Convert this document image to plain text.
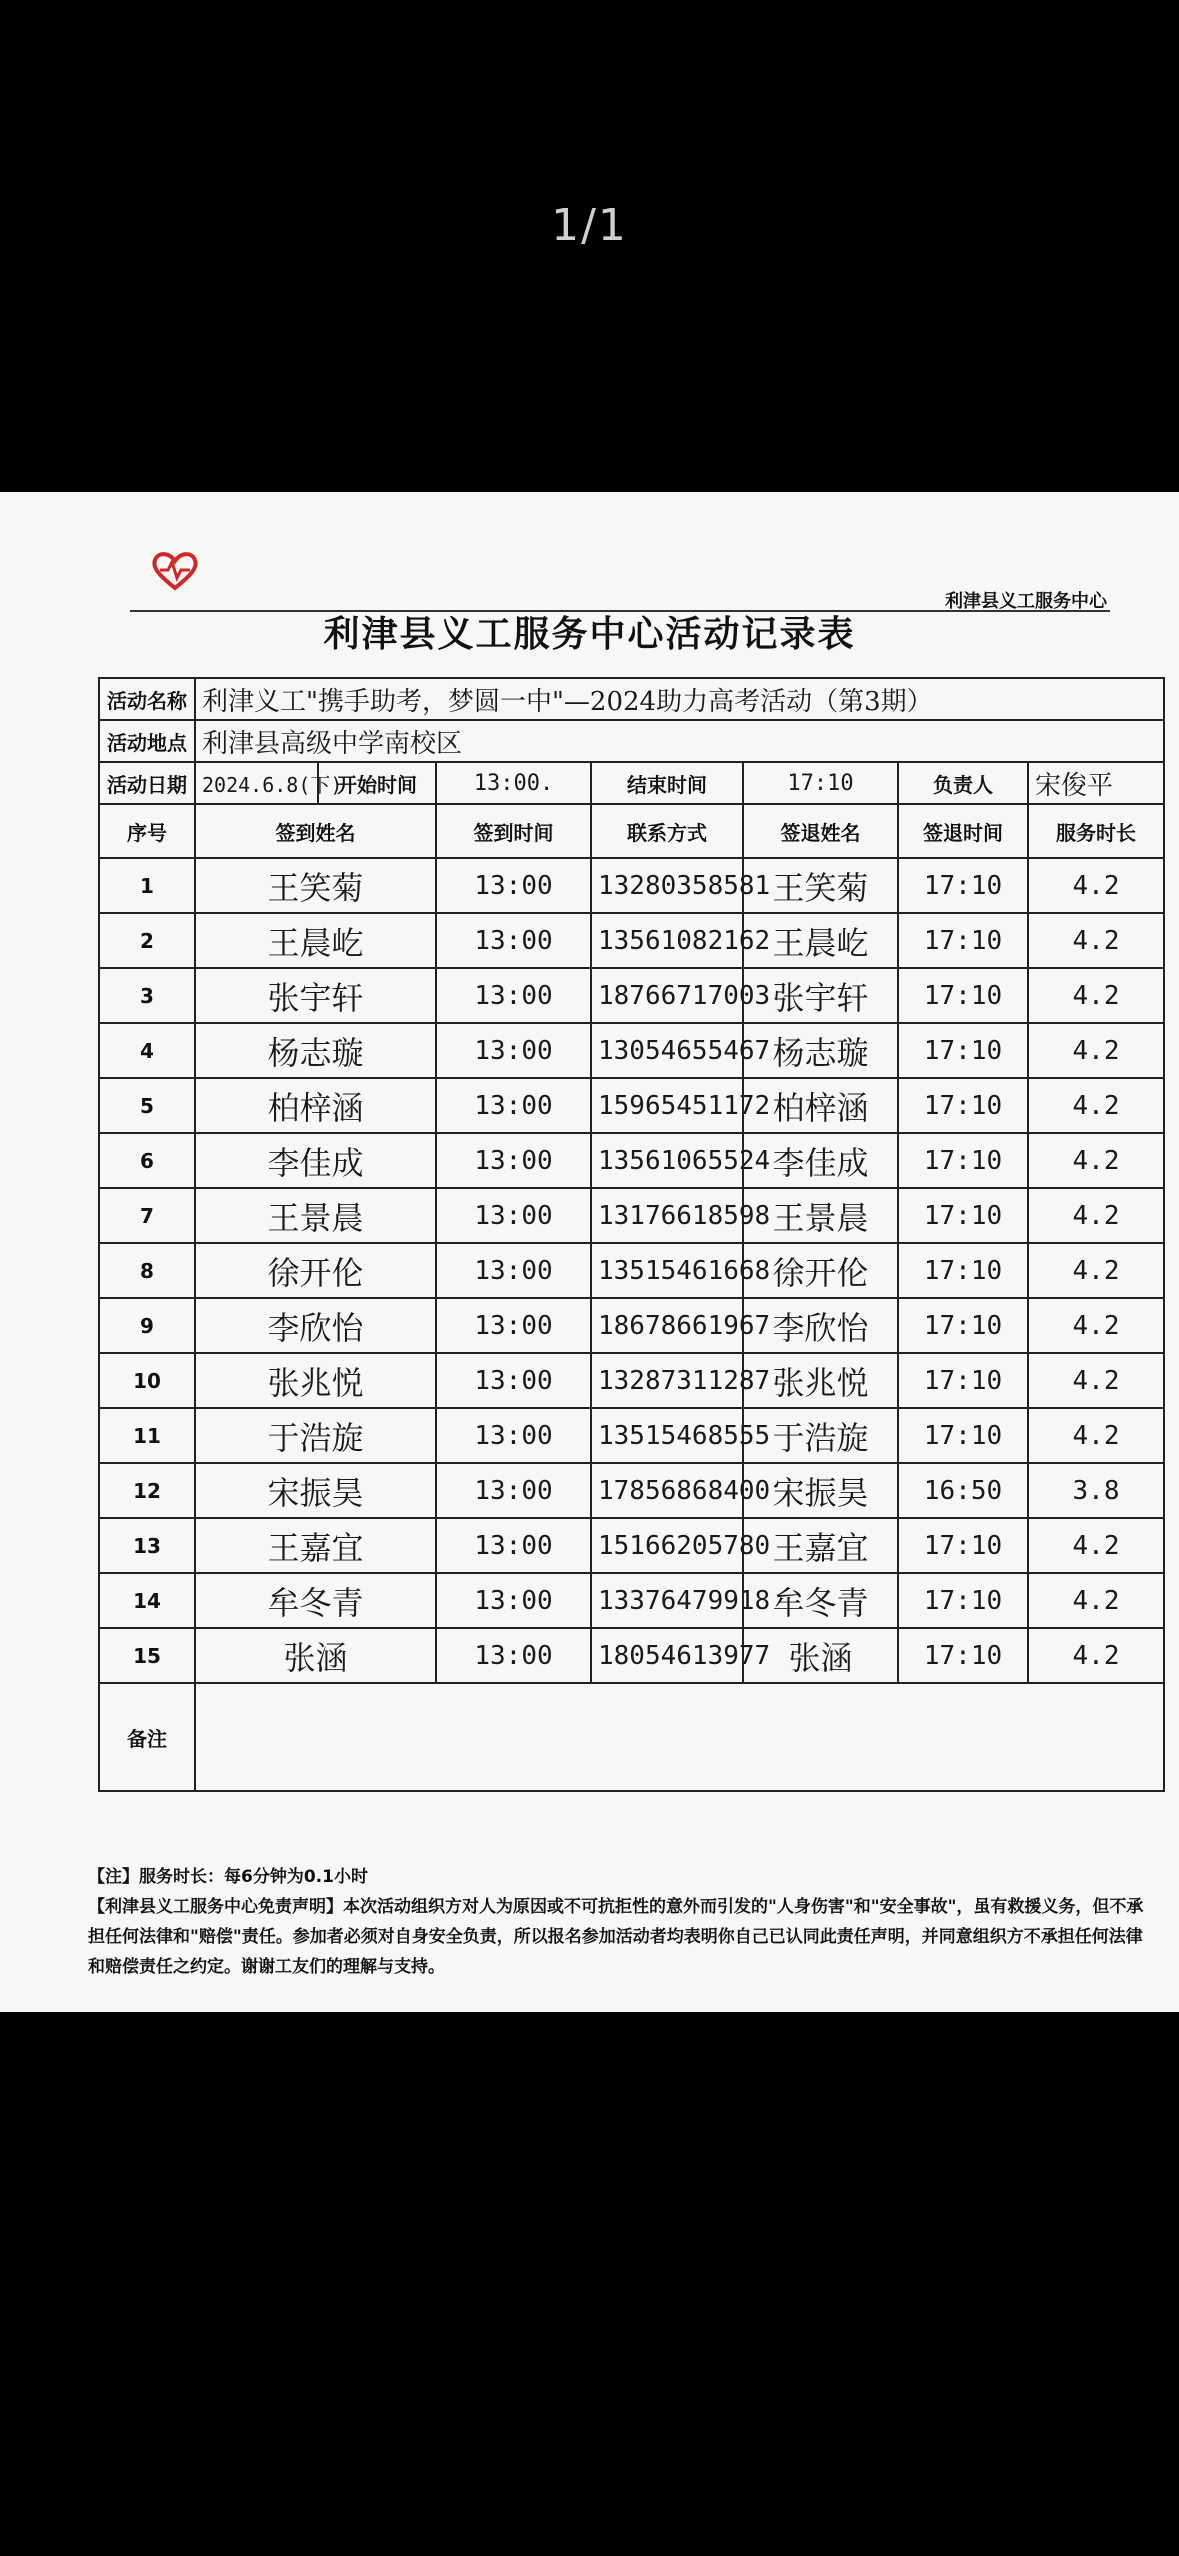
1/1
利津县义工服务中心
利津县义工服务中心活动记录表
活动名称	利津义工"携手助考，梦圆一中"—2024助力高考活动（第3期）						
活动地点	利津县高级中学南校区						
活动日期	2024.6.8(下)	开始时间	13:00.	结束时间	17:10	负责人	宋俊平
序号	签到姓名		签到时间	联系方式	签退姓名	签退时间	服务时长
1	王笑菊		13:00	13280358581	王笑菊	17:10	4.2
2	王晨屹		13:00	13561082162	王晨屹	17:10	4.2
3	张宇轩		13:00	18766717003	张宇轩	17:10	4.2
4	杨志璇		13:00	13054655467	杨志璇	17:10	4.2
5	柏梓涵		13:00	15965451172	柏梓涵	17:10	4.2
6	李佳成		13:00	13561065524	李佳成	17:10	4.2
7	王景晨		13:00	13176618598	王景晨	17:10	4.2
8	徐开伦		13:00	13515461668	徐开伦	17:10	4.2
9	李欣怡		13:00	18678661967	李欣怡	17:10	4.2
10	张兆悦		13:00	13287311287	张兆悦	17:10	4.2
11	于浩旋		13:00	13515468555	于浩旋	17:10	4.2
12	宋振昊		13:00	17856868400	宋振昊	16:50	3.8
13	王嘉宜		13:00	15166205780	王嘉宜	17:10	4.2
14	牟冬青		13:00	13376479918	牟冬青	17:10	4.2
15	张涵		13:00	18054613977	张涵	17:10	4.2
备注							

【注】服务时长：每6分钟为0.1小时

【利津县义工服务中心免责声明】本次活动组织方对人为原因或不可抗拒性的意外而引发的"人身伤害"和"安全事故"，虽有救援义务，但不承担任何法律和"赔偿"责任。参加者必须对自身安全负责，所以报名参加活动者均表明你自己已认同此责任声明，并同意组织方不承担任何法律和赔偿责任之约定。谢谢工友们的理解与支持。
